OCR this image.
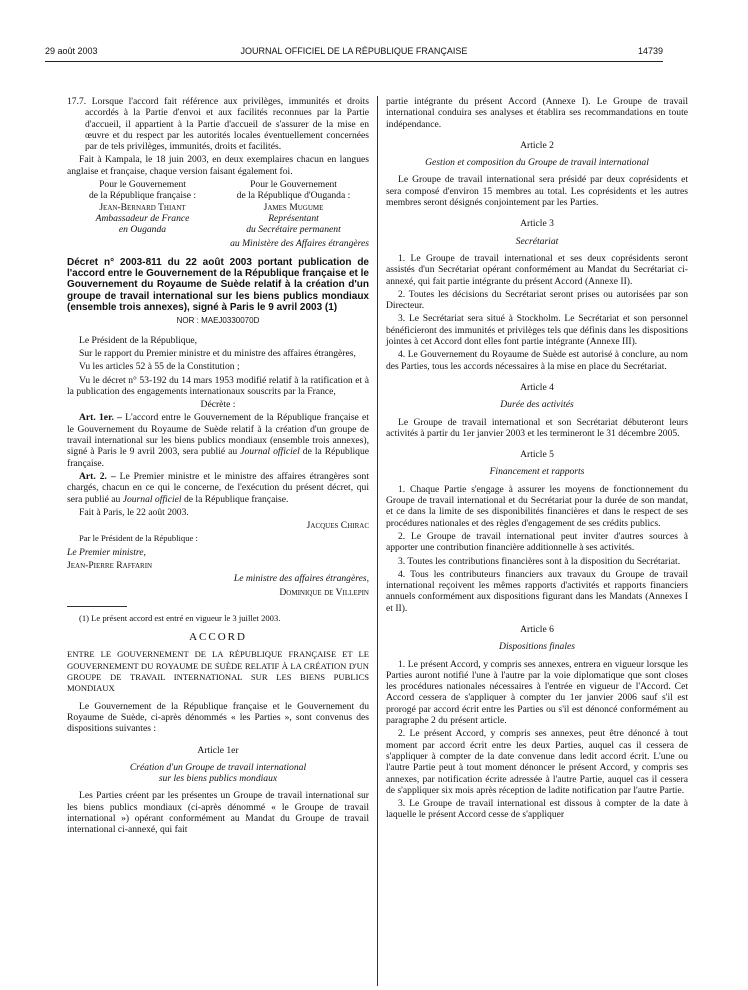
29 août 2003	JOURNAL OFFICIEL DE LA RÉPUBLIQUE FRANÇAISE	14739

17.7. Lorsque l'accord fait référence aux privilèges, immunités et droits accordés à la Partie d'envoi et aux facilités reconnues par la Partie d'accueil, il appartient à la Partie d'accueil de s'assurer de la mise en œuvre et du respect par les autorités locales éventuellement concernées par de tels privilèges, immunités, droits et facilités.

Fait à Kampala, le 18 juin 2003, en deux exemplaires chacun en langues anglaise et française, chaque version faisant également foi.

Pour le Gouvernement
de la République française :
Jean-Bernard Thiant
Ambassadeur de France
en Ouganda
Pour le Gouvernement
de la République d'Ouganda :
James Mugume
Représentant
du Secrétaire permanent
au Ministère des Affaires étrangères
Décret n° 2003-811 du 22 août 2003 portant publication de l'accord entre le Gouvernement de la République française et le Gouvernement du Royaume de Suède relatif à la création d'un groupe de travail international sur les biens publics mondiaux (ensemble trois annexes), signé à Paris le 9 avril 2003 (1)
NOR : MAEJ0330070D

Le Président de la République,

Sur le rapport du Premier ministre et du ministre des affaires étrangères,

Vu les articles 52 à 55 de la Constitution ;

Vu le décret n° 53-192 du 14 mars 1953 modifié relatif à la ratification et à la publication des engagements internationaux souscrits par la France,

Décrète :

Art. 1er. – L'accord entre le Gouvernement de la République française et le Gouvernement du Royaume de Suède relatif à la création d'un groupe de travail international sur les biens publics mondiaux (ensemble trois annexes), signé à Paris le 9 avril 2003, sera publié au Journal officiel de la République française.

Art. 2. – Le Premier ministre et le ministre des affaires étrangères sont chargés, chacun en ce qui le concerne, de l'exécution du présent décret, qui sera publié au Journal officiel de la République française.

Fait à Paris, le 22 août 2003.

Jacques Chirac

Par le Président de la République :

Le Premier ministre,

Jean-Pierre Raffarin

Le ministre des affaires étrangères,

Dominique de Villepin

(1) Le présent accord est entré en vigueur le 3 juillet 2003.

ACCORD
ENTRE LE GOUVERNEMENT DE LA RÉPUBLIQUE FRANÇAISE ET LE GOUVERNEMENT DU ROYAUME DE SUÈDE RELATIF À LA CRÉATION D'UN GROUPE DE TRAVAIL INTERNATIONAL SUR LES BIENS PUBLICS MONDIAUX

Le Gouvernement de la République française et le Gouvernement du Royaume de Suède, ci-après dénommés « les Parties », sont convenus des dispositions suivantes :

Article 1er
Création d'un Groupe de travail international
sur les biens publics mondiaux

Les Parties créent par les présentes un Groupe de travail international sur les biens publics mondiaux (ci-après dénommé « le Groupe de travail international ») opérant conformément au Mandat du Groupe de travail international ci-annexé, qui fait

partie intégrante du présent Accord (Annexe I). Le Groupe de travail international conduira ses analyses et établira ses recommandations en toute indépendance.

Article 2
Gestion et composition du Groupe de travail international

Le Groupe de travail international sera présidé par deux coprésidents et sera composé d'environ 15 membres au total. Les coprésidents et les autres membres seront désignés conjointement par les Parties.

Article 3
Secrétariat

1. Le Groupe de travail international et ses deux coprésidents seront assistés d'un Secrétariat opérant conformément au Mandat du Secrétariat ci-annexé, qui fait partie intégrante du présent Accord (Annexe II).

2. Toutes les décisions du Secrétariat seront prises ou autorisées par son Directeur.

3. Le Secrétariat sera situé à Stockholm. Le Secrétariat et son personnel bénéficieront des immunités et privilèges tels que définis dans les dispositions jointes à cet Accord dont elles font partie intégrante (Annexe III).

4. Le Gouvernement du Royaume de Suède est autorisé à conclure, au nom des Parties, tous les accords nécessaires à la mise en place du Secrétariat.

Article 4
Durée des activités

Le Groupe de travail international et son Secrétariat débuteront leurs activités à partir du 1er janvier 2003 et les termineront le 31 décembre 2005.

Article 5
Financement et rapports

1. Chaque Partie s'engage à assurer les moyens de fonctionnement du Groupe de travail international et du Secrétariat pour la durée de son mandat, et ce dans la limite de ses disponibilités financières et dans le respect de ses procédures nationales et des règles d'engagement de ses crédits publics.

2. Le Groupe de travail international peut inviter d'autres sources à apporter une contribution financière additionnelle à ses activités.

3. Toutes les contributions financières sont à la disposition du Secrétariat.

4. Tous les contributeurs financiers aux travaux du Groupe de travail international reçoivent les mêmes rapports d'activités et rapports financiers annuels conformément aux dispositions figurant dans les Mandats (Annexes I et II).

Article 6
Dispositions finales

1. Le présent Accord, y compris ses annexes, entrera en vigueur lorsque les Parties auront notifié l'une à l'autre par la voie diplomatique que sont closes les procédures nationales nécessaires à l'entrée en vigueur de l'Accord. Cet Accord cessera de s'appliquer à compter du 1er janvier 2006 sauf s'il est prorogé par accord écrit entre les Parties ou s'il est dénoncé conformément au paragraphe 2 du présent article.

2. Le présent Accord, y compris ses annexes, peut être dénoncé à tout moment par accord écrit entre les deux Parties, auquel cas il cessera de s'appliquer à compter de la date convenue dans ledit accord écrit. L'une ou l'autre Partie peut à tout moment dénoncer le présent Accord, y compris ses annexes, par notification écrite adressée à l'autre Partie, auquel cas il cessera de s'appliquer six mois après réception de ladite notification par l'autre Partie.

3. Le Groupe de travail international est dissous à compter de la date à laquelle le présent Accord cesse de s'appliquer
